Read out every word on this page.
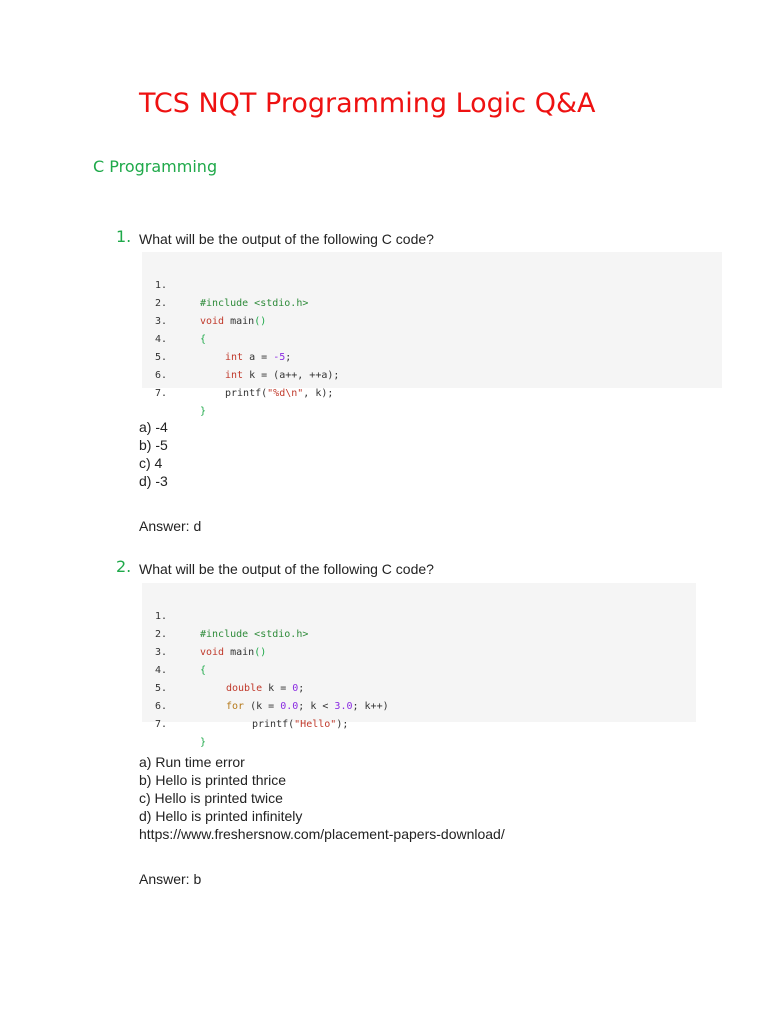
TCS NQT Programming Logic Q&A
C Programming
1. What will be the output of the following C code?

1.

#include <stdio.h>

2.

void main()

3.

{

4.

int a = -5;

5.

int k = (a++, ++a);

6.

printf("%d\n", k);

7.

}

a) -4
b) -5
c) 4
d) -3
Answer: d
2. What will be the output of the following C code?

1.

#include <stdio.h>

2.

void main()

3.

{

4.

double k = 0;

5.

for (k = 0.0; k < 3.0; k++)

6.

printf("Hello");

7.

}

a) Run time error
b) Hello is printed thrice
c) Hello is printed twice
d) Hello is printed infinitely
https://www.freshersnow.com/placement-papers-download/
Answer: b
